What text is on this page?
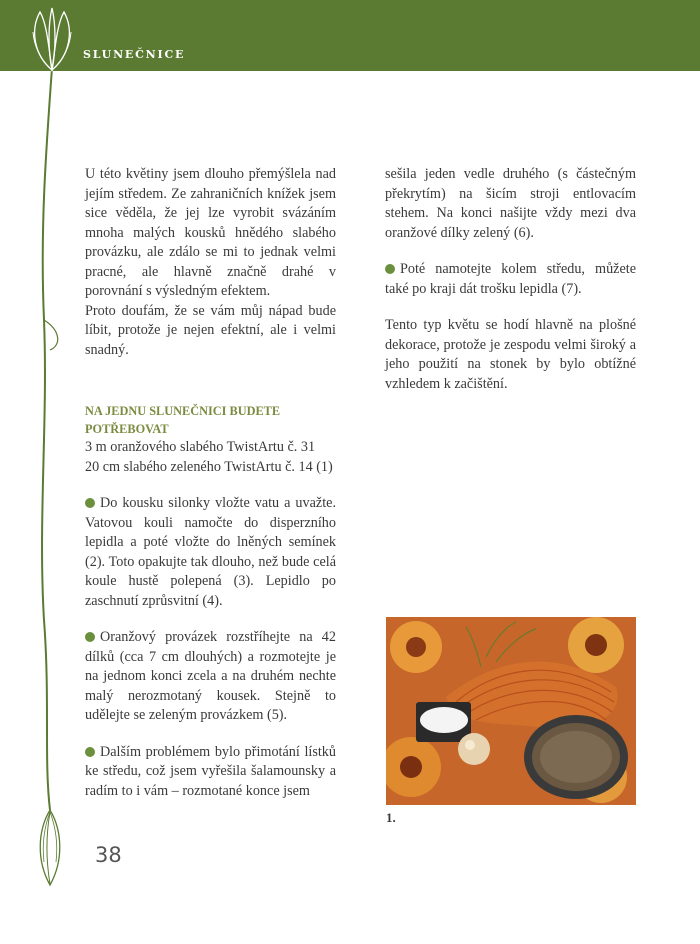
SLUNEČNICE

U této květiny jsem dlouho přemýšlela nad jejím středem. Ze zahraničních knížek jsem sice věděla, že jej lze vyrobit svázáním mnoha malých kousků hnědého slabého provázku, ale zdálo se mi to jednak velmi pracné, ale hlavně značně drahé v porovnání s výsledným efektem.

Proto doufám, že se vám můj nápad bude líbit, protože je nejen efektní, ale i velmi snadný.

NA JEDNU SLUNEČNICI BUDETE POTŘEBOVAT

3 m oranžového slabého TwistArtu č. 31

20 cm slabého zeleného TwistArtu č. 14 (1)

Do kousku silonky vložte vatu a uvažte. Vatovou kouli namočte do disperzního lepidla a poté vložte do lněných semínek (2). Toto opakujte tak dlouho, než bude celá koule hustě polepená (3). Lepidlo po zaschnutí zprůsvitní (4).

Oranžový provázek rozstříhejte na 42 dílků (cca 7 cm dlouhých) a rozmotejte je na jednom konci zcela a na druhém nechte malý nerozmotaný kousek. Stejně to udělejte se zeleným provázkem (5).

Dalším problémem bylo přimotání lístků ke středu, což jsem vyřešila šalamounsky a radím to i vám – rozmotané konce jsem

sešila jeden vedle druhého (s částečným překrytím) na šicím stroji entlovacím stehem. Na konci našijte vždy mezi dva oranžové dílky zelený (6).

Poté namotejte kolem středu, můžete také po kraji dát trošku lepidla (7).

Tento typ květu se hodí hlavně na plošné dekorace, protože je zespodu velmi široký a jeho použití na stonek by bylo obtížné vzhledem k začištění.

1.
38
